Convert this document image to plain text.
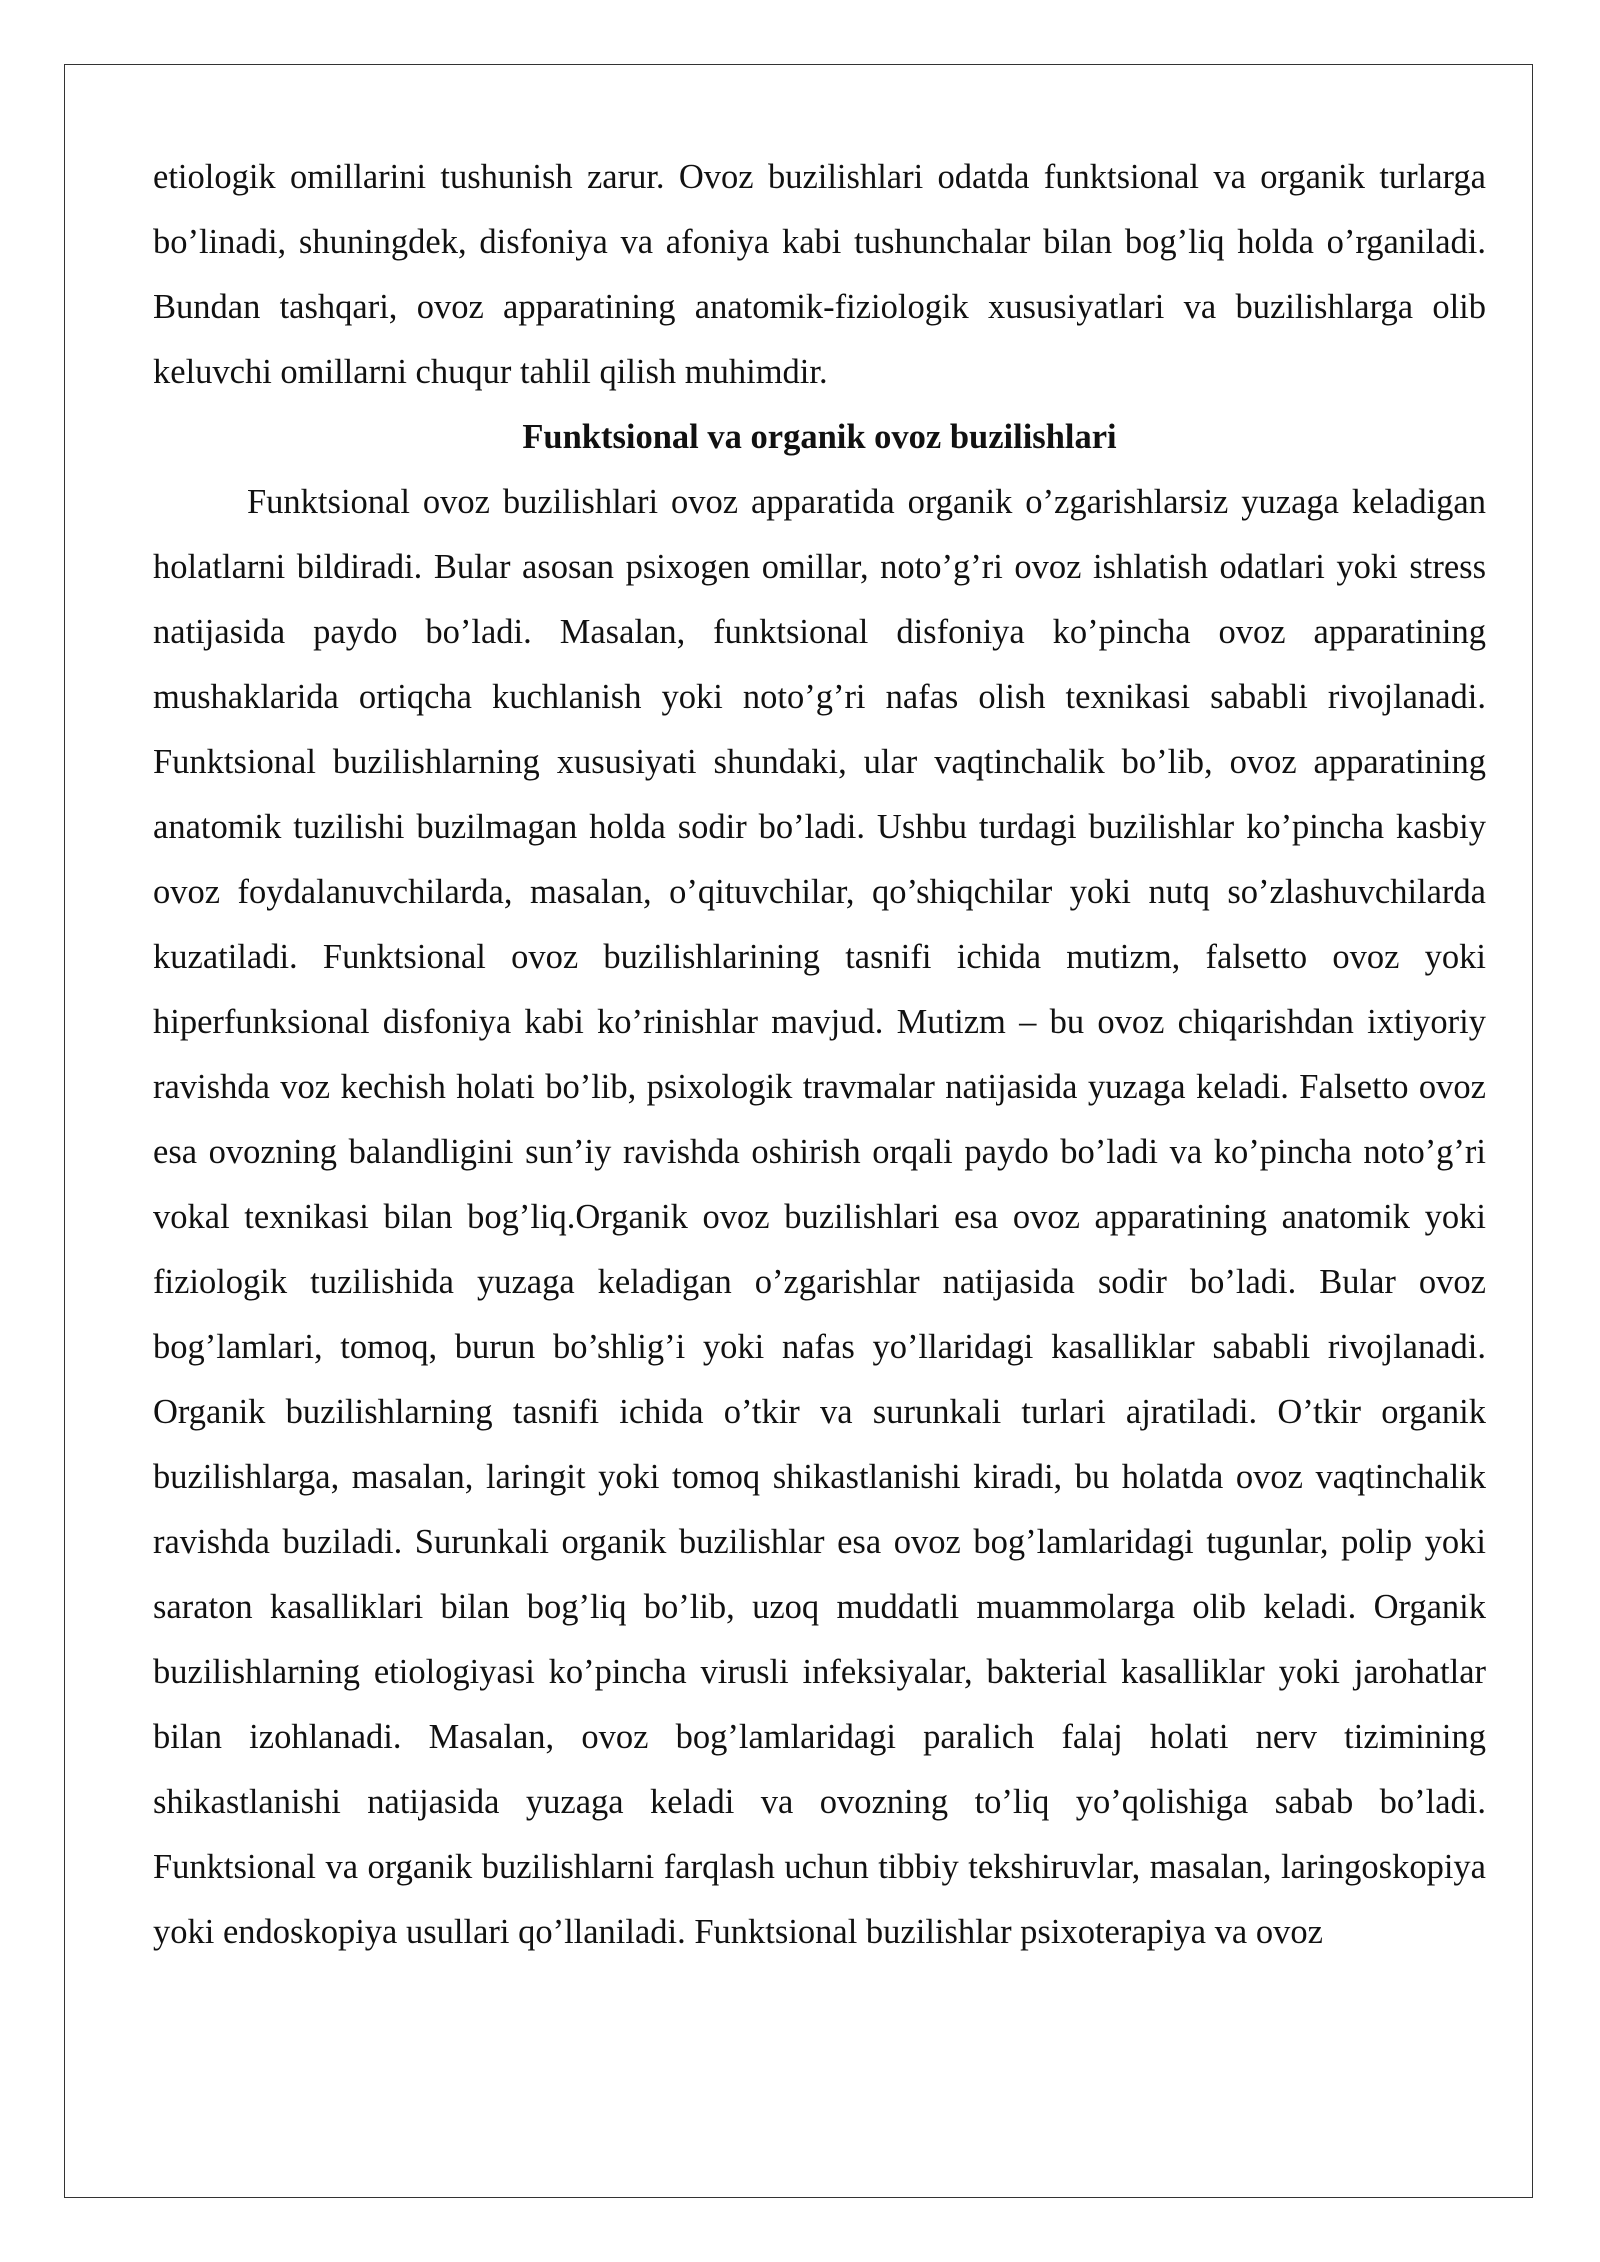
etiologik omillarini tushunish zarur. Ovoz buzilishlari odatda funktsional va organik turlarga bo’linadi, shuningdek, disfoniya va afoniya kabi tushunchalar bilan bog’liq holda o’rganiladi. Bundan tashqari, ovoz apparatining anatomik-fiziologik xususiyatlari va buzilishlarga olib keluvchi omillarni chuqur tahlil qilish muhimdir.

Funktsional va organik ovoz buzilishlari

Funktsional ovoz buzilishlari ovoz apparatida organik o’zgarishlarsiz yuzaga keladigan holatlarni bildiradi. Bular asosan psixogen omillar, noto’g’ri ovoz ishlatish odatlari yoki stress natijasida paydo bo’ladi. Masalan, funktsional disfoniya ko’pincha ovoz apparatining mushaklarida ortiqcha kuchlanish yoki noto’g’ri nafas olish texnikasi sababli rivojlanadi. Funktsional buzilishlarning xususiyati shundaki, ular vaqtinchalik bo’lib, ovoz apparatining anatomik tuzilishi buzilmagan holda sodir bo’ladi. Ushbu turdagi buzilishlar ko’pincha kasbiy ovoz foydalanuvchilarda, masalan, o’qituvchilar, qo’shiqchilar yoki nutq so’zlashuvchilarda kuzatiladi. Funktsional ovoz buzilishlarining tasnifi ichida mutizm, falsetto ovoz yoki hiperfunksional disfoniya kabi ko’rinishlar mavjud. Mutizm – bu ovoz chiqarishdan ixtiyoriy ravishda voz kechish holati bo’lib, psixologik travmalar natijasida yuzaga keladi. Falsetto ovoz esa ovozning balandligini sun’iy ravishda oshirish orqali paydo bo’ladi va ko’pincha noto’g’ri vokal texnikasi bilan bog’liq.Organik ovoz buzilishlari esa ovoz apparatining anatomik yoki fiziologik tuzilishida yuzaga keladigan o’zgarishlar natijasida sodir bo’ladi. Bular ovoz bog’lamlari, tomoq, burun bo’shlig’i yoki nafas yo’llaridagi kasalliklar sababli rivojlanadi. Organik buzilishlarning tasnifi ichida o’tkir va surunkali turlari ajratiladi. O’tkir organik buzilishlarga, masalan, laringit yoki tomoq shikastlanishi kiradi, bu holatda ovoz vaqtinchalik ravishda buziladi. Surunkali organik buzilishlar esa ovoz bog’lamlaridagi tugunlar, polip yoki saraton kasalliklari bilan bog’liq bo’lib, uzoq muddatli muammolarga olib keladi. Organik buzilishlarning etiologiyasi ko’pincha virusli infeksiyalar, bakterial kasalliklar yoki jarohatlar bilan izohlanadi. Masalan, ovoz bog’lamlaridagi paralich falaj holati nerv tizimining shikastlanishi natijasida yuzaga keladi va ovozning to’liq yo’qolishiga sabab bo’ladi. Funktsional va organik buzilishlarni farqlash uchun tibbiy tekshiruvlar, masalan, laringoskopiya yoki endoskopiya usullari qo’llaniladi. Funktsional buzilishlar psixoterapiya va ovoz
